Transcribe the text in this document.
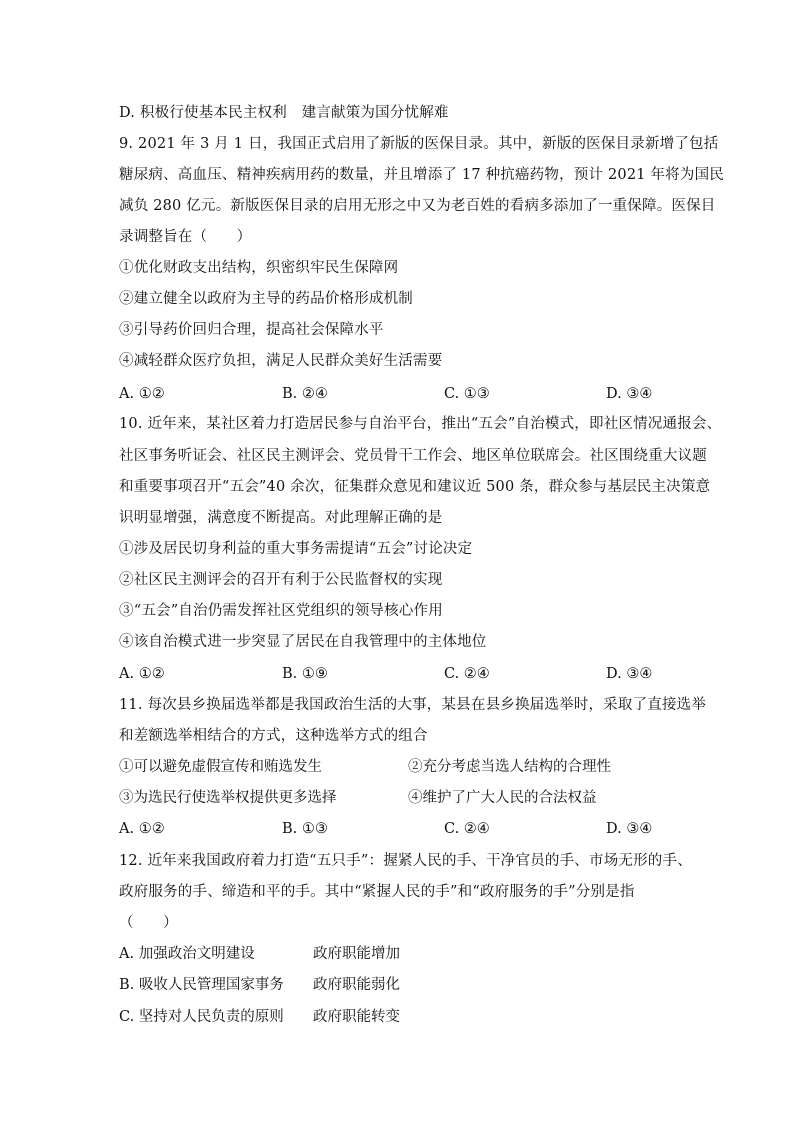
D. 积极行使基本民主权利　建言献策为国分忧解难
9. 2021 年 3 月 1 日，我国正式启用了新版的医保目录。其中，新版的医保目录新增了包括
糖尿病、高血压、精神疾病用药的数量，并且增添了 17 种抗癌药物，预计 2021 年将为国民
减负 280 亿元。新版医保目录的启用无形之中又为老百姓的看病多添加了一重保障。医保目
录调整旨在（　　）
①优化财政支出结构，织密织牢民生保障网
②建立健全以政府为主导的药品价格形成机制
③引导药价回归合理，提高社会保障水平
④减轻群众医疗负担，满足人民群众美好生活需要
A. ①②	B. ②④	C. ①③	D. ③④
10. 近年来，某社区着力打造居民参与自治平台，推出“五会”自治模式，即社区情况通报会、
社区事务听证会、社区民主测评会、党员骨干工作会、地区单位联席会。社区围绕重大议题
和重要事项召开“五会”40 余次，征集群众意见和建议近 500 条，群众参与基层民主决策意
识明显增强，满意度不断提高。对此理解正确的是
①涉及居民切身利益的重大事务需提请“五会”讨论决定
②社区民主测评会的召开有利于公民监督权的实现
③“五会”自治仍需发挥社区党组织的领导核心作用
④该自治模式进一步突显了居民在自我管理中的主体地位
A. ①②	B. ①⑨	C. ②④	D. ③④
11. 每次县乡换届选举都是我国政治生活的大事，某县在县乡换届选举时，采取了直接选举
和差额选举相结合的方式，这种选举方式的组合
①可以避免虚假宣传和贿选发生	②充分考虑当选人结构的合理性
③为选民行使选举权提供更多选择	④维护了广大人民的合法权益
A. ①②	B. ①③	C. ②④	D. ③④
12. 近年来我国政府着力打造“五只手”：握紧人民的手、干净官员的手、市场无形的手、
政府服务的手、缔造和平的手。其中“紧握人民的手”和“政府服务的手”分别是指
（　　）
A. 加强政治文明建设	政府职能增加
B. 吸收人民管理国家事务 政府职能弱化
C. 坚持对人民负责的原则 政府职能转变
